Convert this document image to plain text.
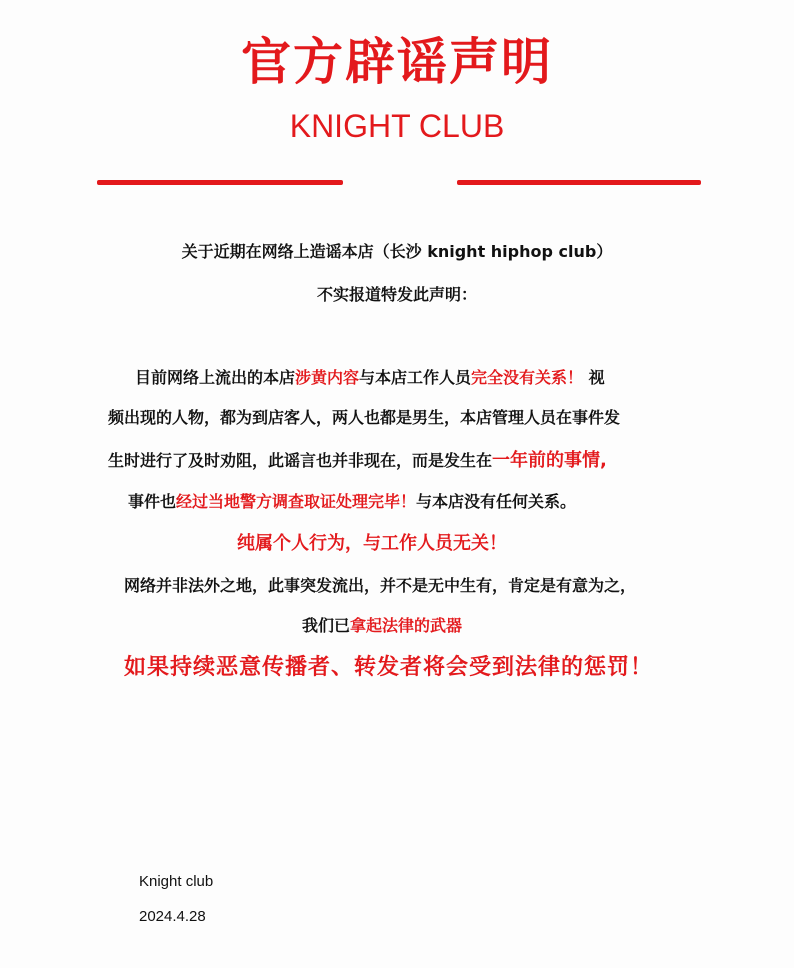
官方辟谣声明
KNIGHT CLUB
关于近期在网络上造谣本店（长沙 knight hiphop club）
不实报道特发此声明：
目前网络上流出的本店涉黄内容与本店工作人员完全没有关系！ 视
频出现的人物，都为到店客人，两人也都是男生，本店管理人员在事件发
生时进行了及时劝阻，此谣言也并非现在，而是发生在一年前的事情,
事件也经过当地警方调查取证处理完毕！与本店没有任何关系。
纯属个人行为，与工作人员无关！
网络并非法外之地，此事突发流出，并不是无中生有，肯定是有意为之，
我们已拿起法律的武器
如果持续恶意传播者、转发者将会受到法律的惩罚！
Knight club
2024.4.28
